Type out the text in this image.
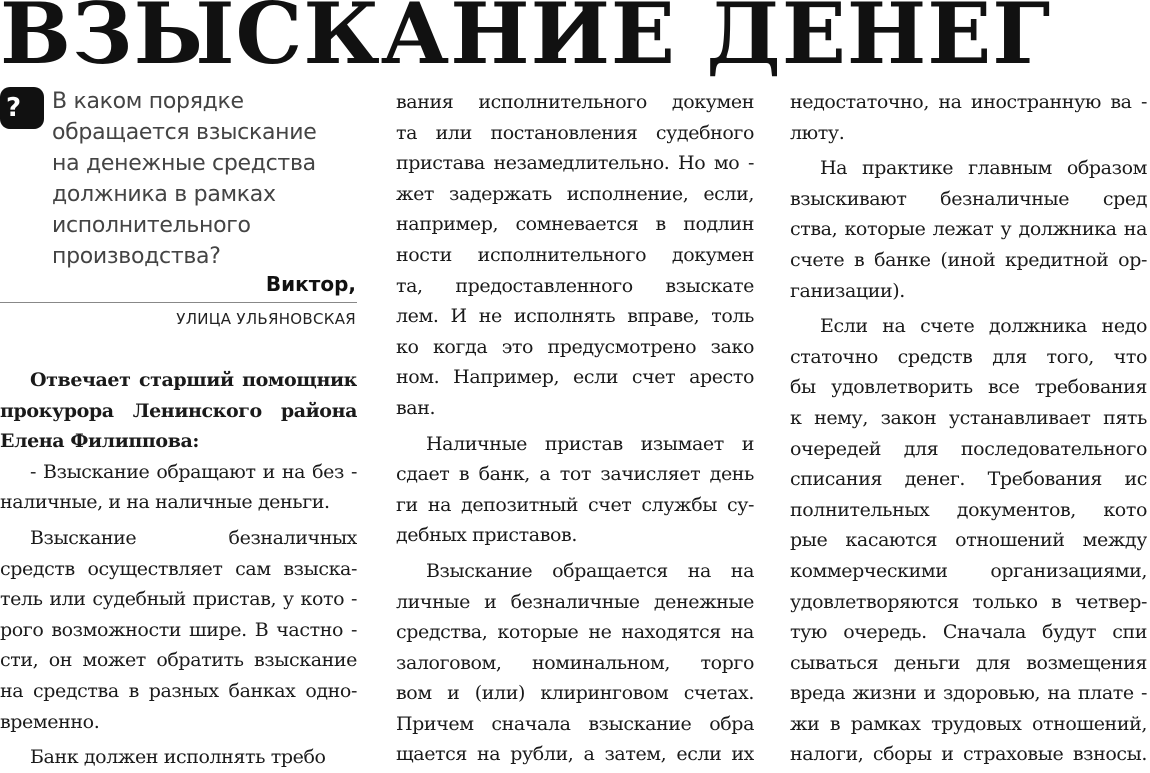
ВЗЫСКАНИЕ ДЕНЕГ
?	В каком порядке
обращается взыскание
на денежные средства
должника в рамках
исполнительного
производства?
Виктор,
УЛИЦА УЛЬЯНОВСКАЯ
Отвечает старший помощник
прокурора Ленинского района
Елена Филиппова:
- Взыскание обращают и на без -
наличные, и на наличные деньги.
Взыскание безналичных
средств осуществляет сам взыска-
тель или судебный пристав, у кото -
рого возможности шире. В частно -
сти, он может обратить взыскание
на средства в разных банках одно-
временно.
Банк должен исполнять требо
вания исполнительного докумен
та или постановления судебного
пристава незамедлительно. Но мо -
жет задержать исполнение, если,
например, сомневается в подлин
ности исполнительного докумен
та, предоставленного взыскате
лем. И не исполнять вправе, толь
ко когда это предусмотрено зако
ном. Например, если счет аресто
ван.
Наличные пристав изымает и
сдает в банк, а тот зачисляет день
ги на депозитный счет службы су-
дебных приставов.
Взыскание обращается на на
личные и безналичные денежные
средства, которые не находятся на
залоговом, номинальном, торго
вом и (или) клиринговом счетах.
Причем сначала взыскание обра
щается на рубли, а затем, если их
недостаточно, на иностранную ва -
люту.
На практике главным образом
взыскивают безналичные сред
ства, которые лежат у должника на
счете в банке (иной кредитной ор-
ганизации).
Если на счете должника недо
статочно средств для того, что
бы удовлетворить все требования
к нему, закон устанавливает пять
очередей для последовательного
списания денег. Требования ис
полнительных документов, кото
рые касаются отношений между
коммерческими организациями,
удовлетворяются только в четвер-
тую очередь. Сначала будут спи
сываться деньги для возмещения
вреда жизни и здоровью, на плате -
жи в рамках трудовых отношений,
налоги, сборы и страховые взносы.
